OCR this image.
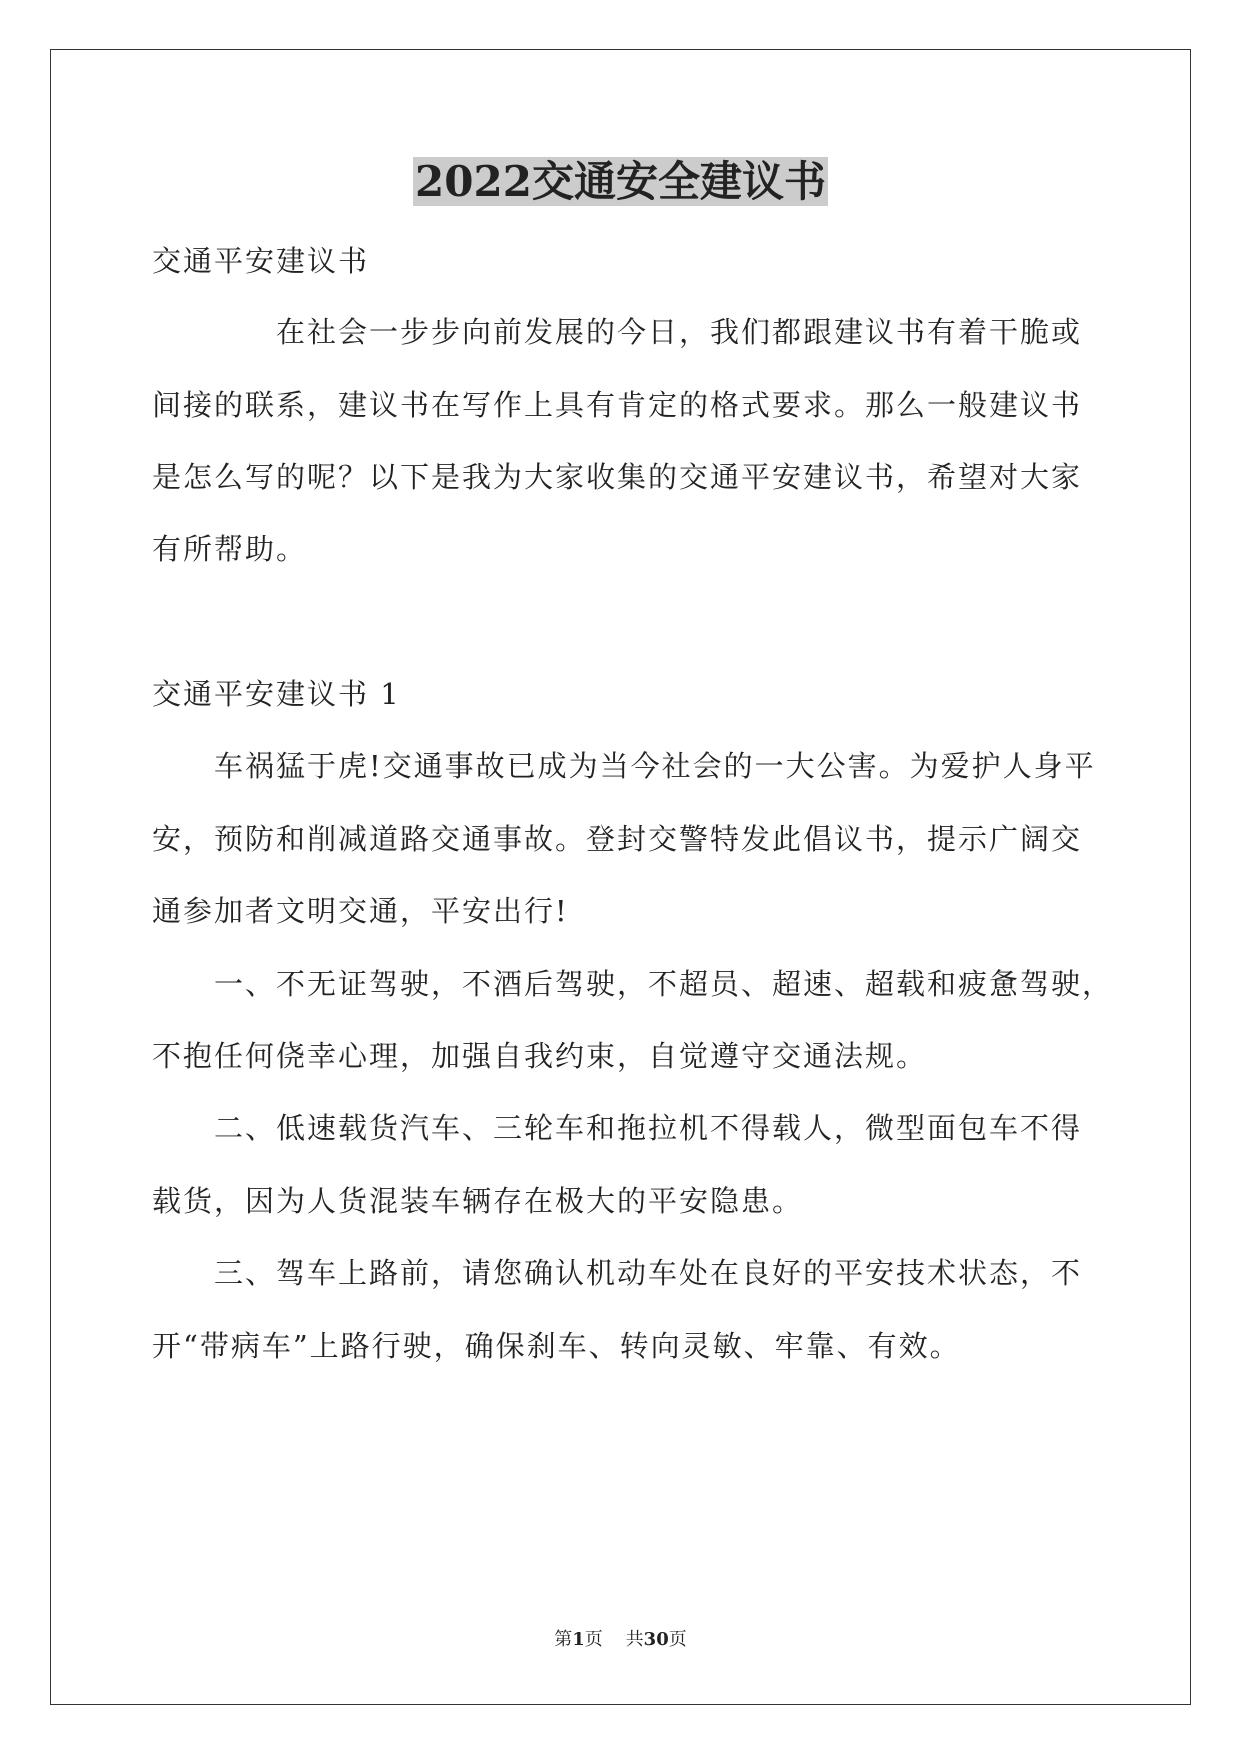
2022交通安全建议书

交通平安建议书

在社会一步步向前发展的今日，我们都跟建议书有着干脆或

间接的联系，建议书在写作上具有肯定的格式要求。那么一般建议书

是怎么写的呢？以下是我为大家收集的交通平安建议书，希望对大家

有所帮助。

交通平安建议书 1

车祸猛于虎!交通事故已成为当今社会的一大公害。为爱护人身平

安，预防和削减道路交通事故。登封交警特发此倡议书，提示广阔交

通参加者文明交通，平安出行!

一、不无证驾驶，不酒后驾驶，不超员、超速、超载和疲惫驾驶，

不抱任何侥幸心理，加强自我约束，自觉遵守交通法规。

二、低速载货汽车、三轮车和拖拉机不得载人，微型面包车不得

载货，因为人货混装车辆存在极大的平安隐患。

三、驾车上路前，请您确认机动车处在良好的平安技术状态，不

开“带病车”上路行驶，确保刹车、转向灵敏、牢靠、有效。

第1页 共30页
